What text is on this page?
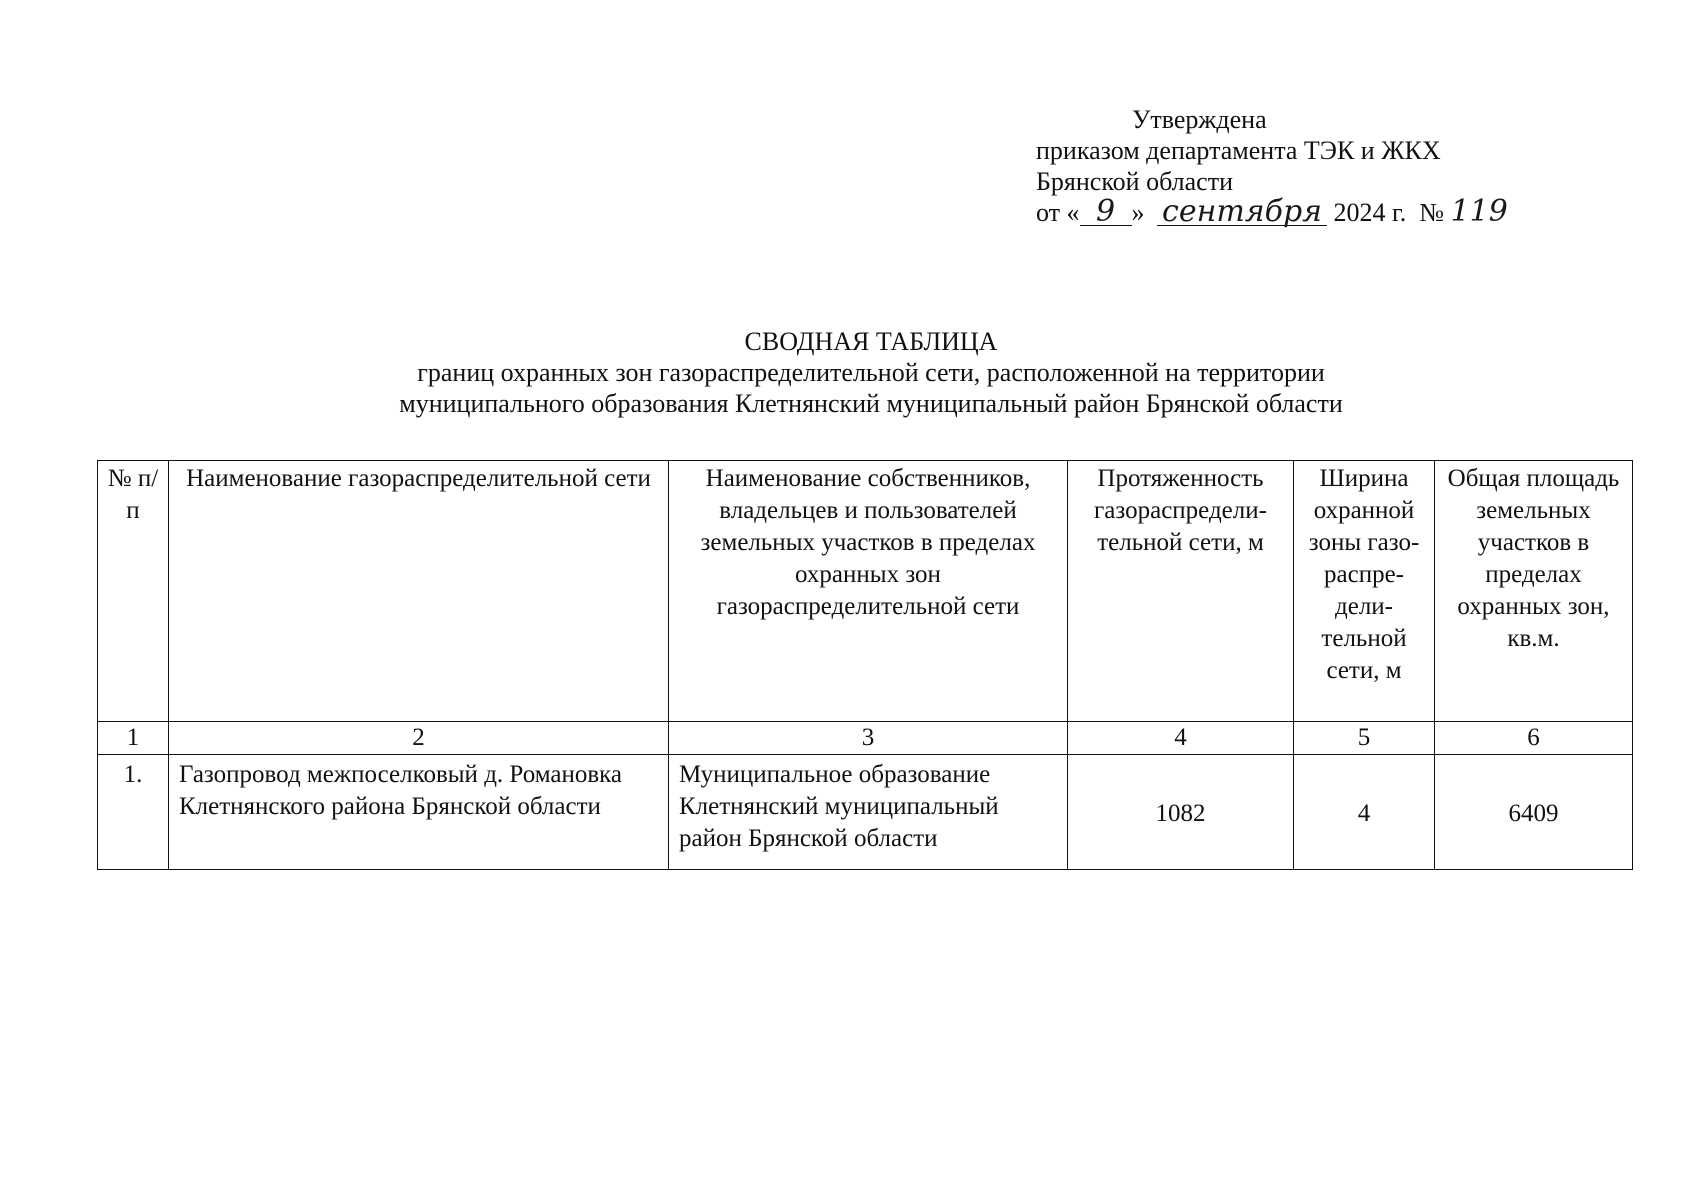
Утверждена
приказом департамента ТЭК и ЖКХ
Брянской области
от « 9 » сентября 2024 г. № 119
СВОДНАЯ ТАБЛИЦА
границ охранных зон газораспределительной сети, расположенной на территории
муниципального образования Клетнянский муниципальный район Брянской области
№ п/п	Наименование газораспределительной сети	Наименование собственников, владельцев и пользователей земельных участков в пределах охранных зон газораспределительной сети	Протяженность газораспредели- тельной сети, м	Ширина охранной зоны газо- распре- дели- тельной сети, м	Общая площадь земельных участков в пределах охранных зон, кв.м.
1	2	3	4	5	6
1.	Газопровод межпоселковый д. Романовка Клетнянского района Брянской области	Муниципальное образование Клетнянский муниципальный район Брянской области	1082	4	6409
